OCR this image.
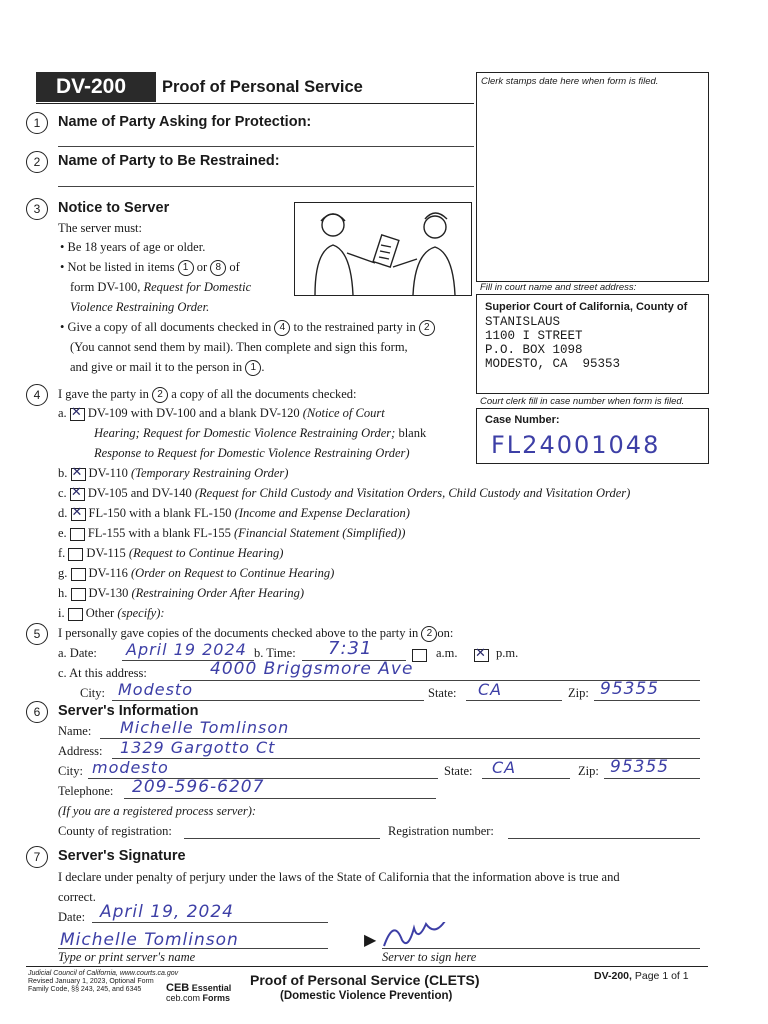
DV-200 Proof of Personal Service	Clerk stamps date here when form is filed.
Fill in court name and street address:
Superior Court of California, County of
STANISLAUS
1100 I STREET
P.O. BOX 1098
MODESTO, CA  95353
Court clerk fill in case number when form is filed.
Case Number:
FL24001048
1	Name of Party Asking for Protection:
2	Name of Party to Be Restrained:
3	Notice to Server
The server must:
• Be 18 years of age or older.
• Not be listed in items 1 or 8 of
form DV-100, Request for Domestic
Violence Restraining Order.
• Give a copy of all documents checked in 4 to the restrained party in 2
(You cannot send them by mail). Then complete and sign this form,
and give or mail it to the person in 1 .
4	I gave the party in 2 a copy of all the documents checked:
a. ✕ DV-109 with DV-100 and a blank DV-120 (Notice of Court
Hearing; Request for Domestic Violence Restraining Order; blank
Response to Request for Domestic Violence Restraining Order)
b. ✕ DV-110 (Temporary Restraining Order)
c. ✕ DV-105 and DV-140 (Request for Child Custody and Visitation Orders, Child Custody and Visitation Order)
d. ✕ FL-150 with a blank FL-150 (Income and Expense Declaration)
e. FL-155 with a blank FL-155 (Financial Statement (Simplified))
f. DV-115 (Request to Continue Hearing)
g. DV-116 (Order on Request to Continue Hearing)
h. DV-130 (Restraining Order After Hearing)
i. Other (specify):
5	I personally gave copies of the documents checked above to the party in 2 on:
a. Date: April 19 2024 b. Time: 7:31	a.m. ✕	p.m.
c. At this address:	4000 Briggsmore Ave
City: Modesto	State: CA	Zip: 95355
6	Server's Information
Name: Michelle Tomlinson
Address: 1329 Gargotto Ct
City: modesto	State: CA	Zip: 95355
Telephone: 209-596-6207
(If you are a registered process server):
County of registration:	Registration number:
7	Server's Signature
I declare under penalty of perjury under the laws of the State of California that the information above is true and
correct.
Date: April 19, 2024
Michelle Tomlinson
Type or print server's name
▶
Server to sign here
Judicial Council of California, www.courts.ca.gov
Revised January 1, 2023, Optional Form
Family Code, §§ 243, 245, and 6345 CEB Essential
ceb.com Forms
Proof of Personal Service (CLETS)
(Domestic Violence Prevention)
DV-200, Page 1 of 1
